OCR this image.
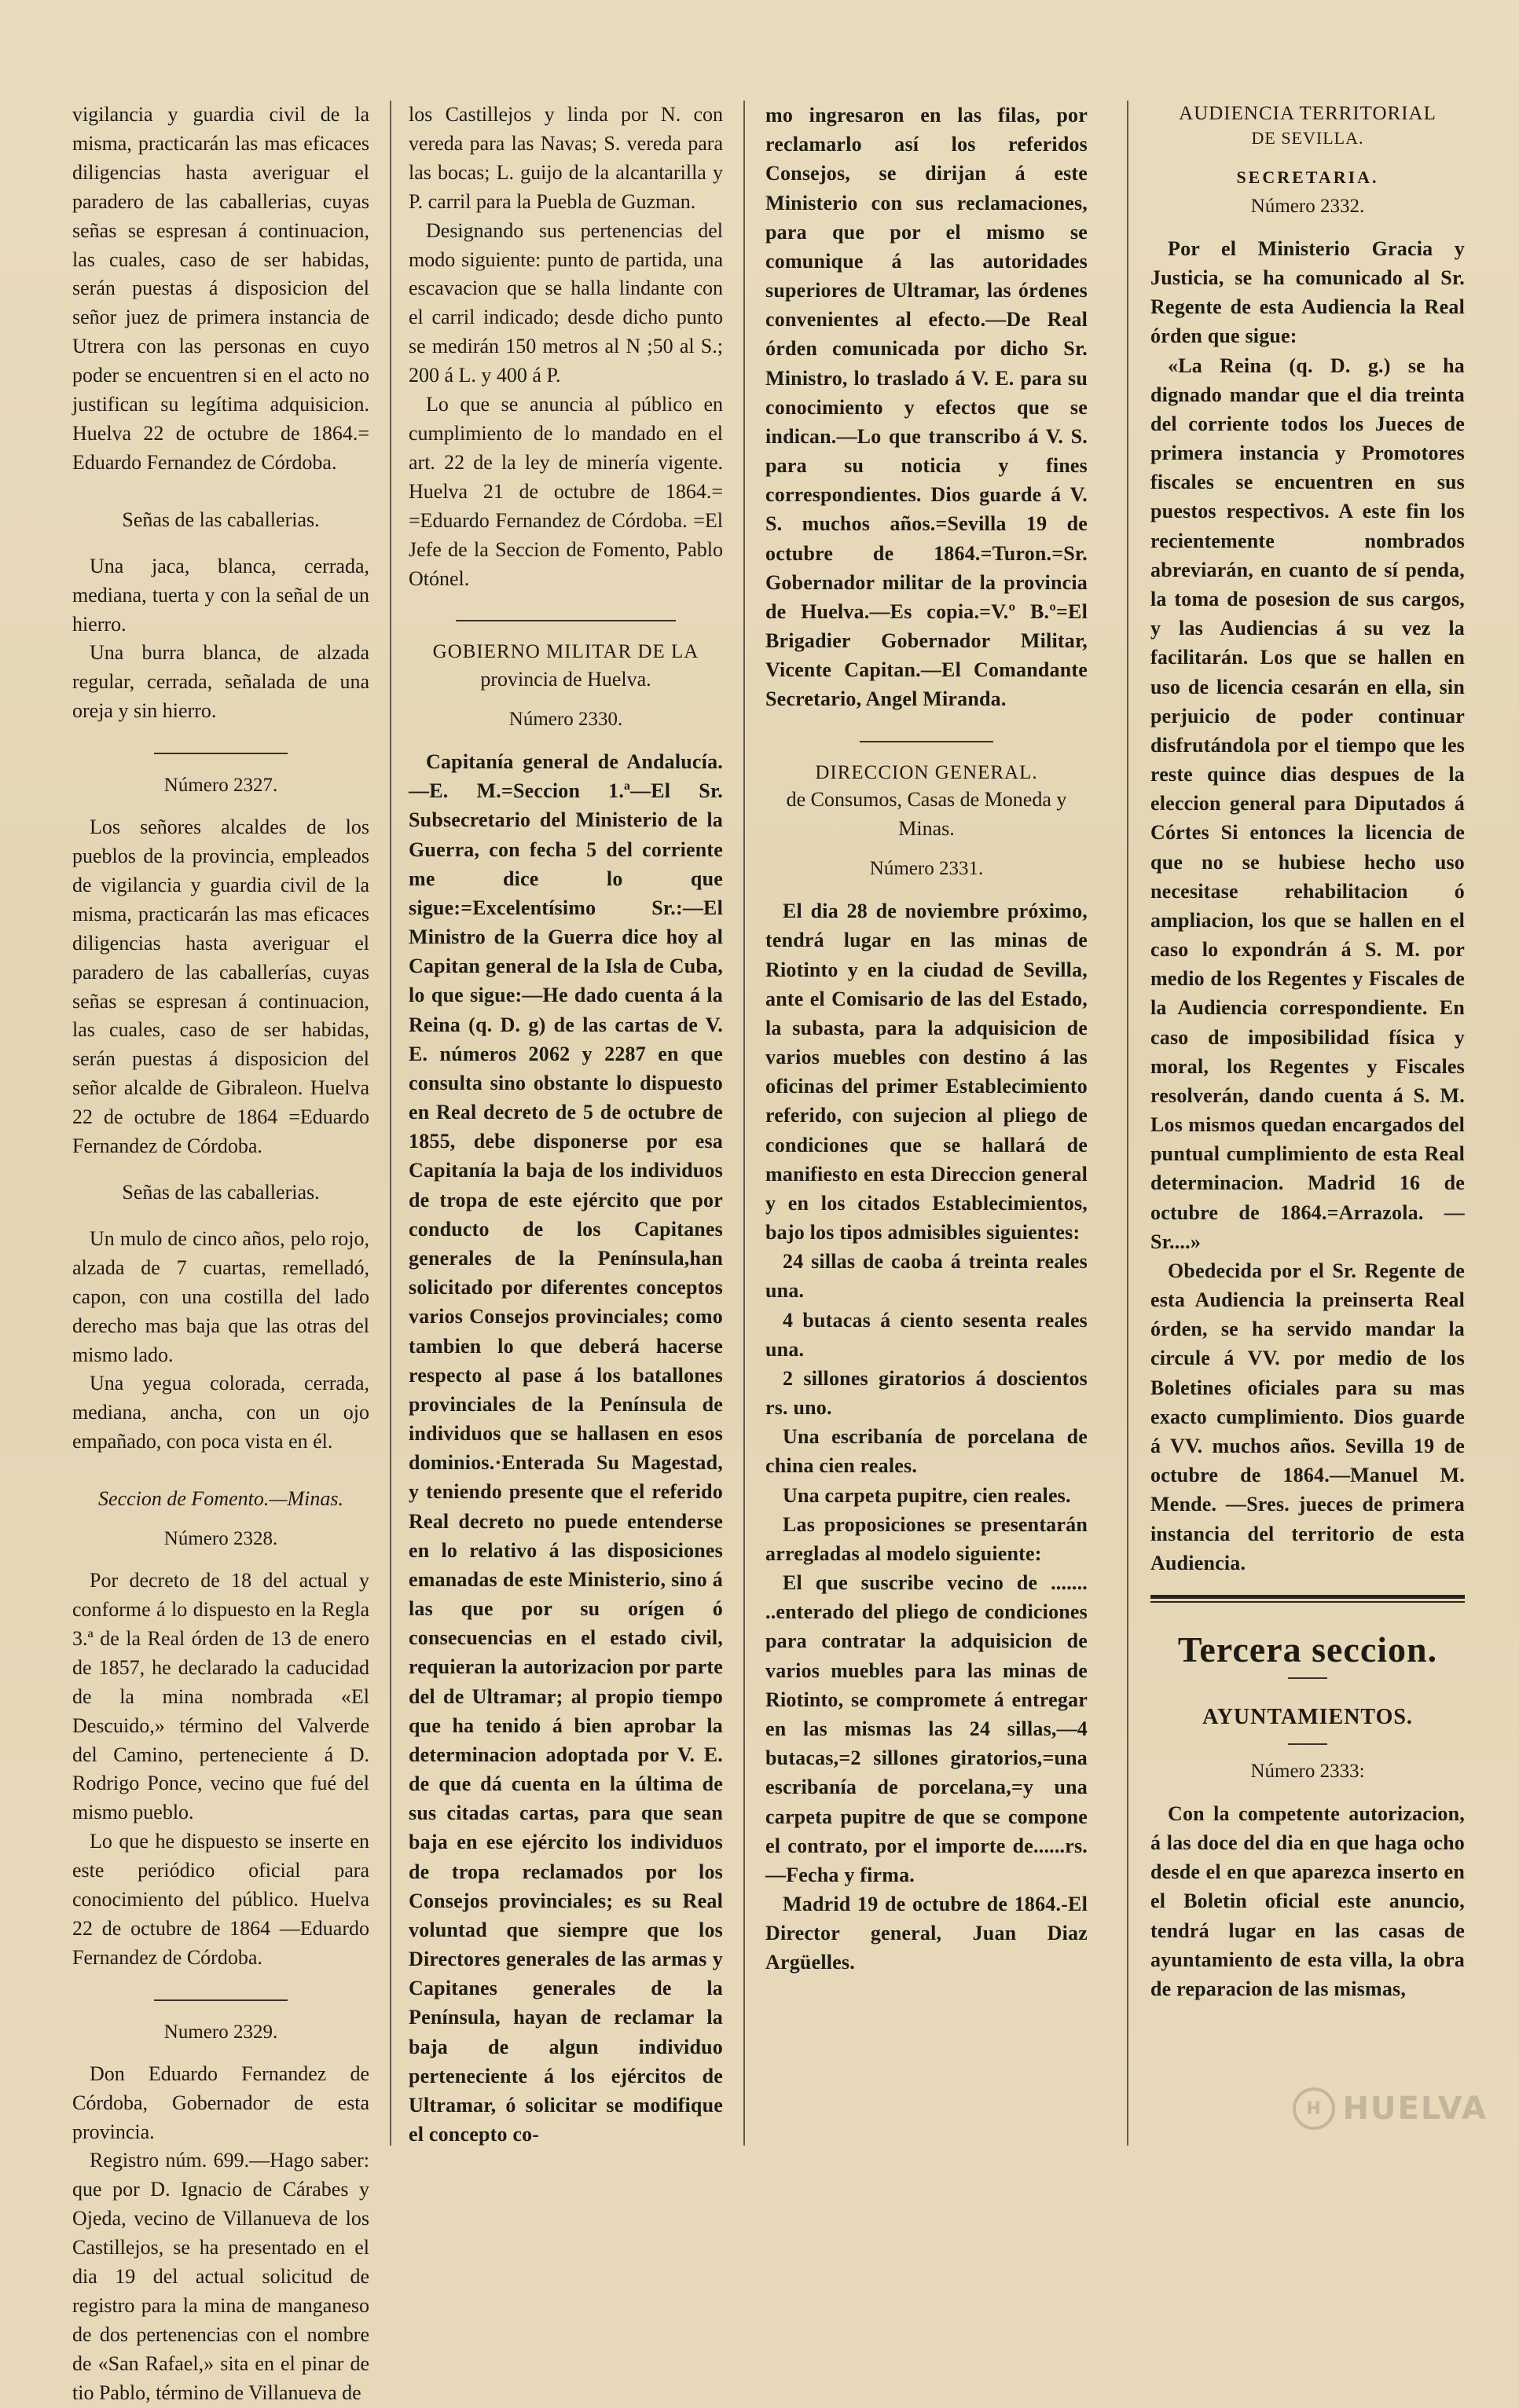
vigilancia y guardia civil de la misma, practicarán las mas eficaces diligencias hasta averiguar el paradero de las caballerias, cuyas señas se espresan á continuacion, las cuales, caso de ser habidas, serán puestas á disposicion del señor juez de primera instancia de Utrera con las personas en cuyo poder se encuentren si en el acto no justifican su legítima adquisicion. Huelva 22 de octubre de 1864.= Eduardo Fernandez de Córdoba.

Señas de las caballerias.

Una jaca, blanca, cerrada, mediana, tuerta y con la señal de un hierro.

Una burra blanca, de alzada regular, cerrada, señalada de una oreja y sin hierro.

Número 2327.

Los señores alcaldes de los pueblos de la provincia, empleados de vigilancia y guardia civil de la misma, practicarán las mas eficaces diligencias hasta averiguar el paradero de las caballerías, cuyas señas se espresan á continuacion, las cuales, caso de ser habidas, serán puestas á disposicion del señor alcalde de Gibraleon. Huelva 22 de octubre de 1864 =Eduardo Fernandez de Córdoba.

Señas de las caballerias.

Un mulo de cinco años, pelo rojo, alzada de 7 cuartas, remelladó, capon, con una costilla del lado derecho mas baja que las otras del mismo lado.

Una yegua colorada, cerrada, mediana, ancha, con un ojo empañado, con poca vista en él.

Seccion de Fomento.—Minas.

Número 2328.

Por decreto de 18 del actual y conforme á lo dispuesto en la Regla 3.ª de la Real órden de 13 de enero de 1857, he declarado la caducidad de la mina nombrada «El Descuido,» término del Valverde del Camino, perteneciente á D. Rodrigo Ponce, vecino que fué del mismo pueblo.

Lo que he dispuesto se inserte en este periódico oficial para conocimiento del público. Huelva 22 de octubre de 1864 —Eduardo Fernandez de Córdoba.

Numero 2329.

Don Eduardo Fernandez de Córdoba, Gobernador de esta provincia.

Registro núm. 699.—Hago saber: que por D. Ignacio de Cárabes y Ojeda, vecino de Villanueva de los Castillejos, se ha presentado en el dia 19 del actual solicitud de registro para la mina de manganeso de dos pertenencias con el nombre de «San Rafael,» sita en el pinar de tio Pablo, término de Villanueva de

los Castillejos y linda por N. con vereda para las Navas; S. vereda para las bocas; L. guijo de la alcantarilla y P. carril para la Puebla de Guzman.

Designando sus pertenencias del modo siguiente: punto de partida, una escavacion que se halla lindante con el carril indicado; desde dicho punto se medirán 150 metros al N ;50 al S.; 200 á L. y 400 á P.

Lo que se anuncia al público en cumplimiento de lo mandado en el art. 22 de la ley de minería vigente. Huelva 21 de octubre de 1864.= =Eduardo Fernandez de Córdoba. =El Jefe de la Seccion de Fomento, Pablo Otónel.

GOBIERNO MILITAR DE LA

provincia de Huelva.

Número 2330.

Capitanía general de Andalucía.—E. M.=Seccion 1.ª—El Sr. Subsecretario del Ministerio de la Guerra, con fecha 5 del corriente me dice lo que sigue:=Excelentísimo Sr.:—El Ministro de la Guerra dice hoy al Capitan general de la Isla de Cuba, lo que sigue:—He dado cuenta á la Reina (q. D. g) de las cartas de V. E. números 2062 y 2287 en que consulta sino obstante lo dispuesto en Real decreto de 5 de octubre de 1855, debe disponerse por esa Capitanía la baja de los individuos de tropa de este ejército que por conducto de los Capitanes generales de la Península,han solicitado por diferentes conceptos varios Consejos provinciales; como tambien lo que deberá hacerse respecto al pase á los batallones provinciales de la Península de individuos que se hallasen en esos dominios.·Enterada Su Magestad, y teniendo presente que el referido Real decreto no puede entenderse en lo relativo á las disposiciones emanadas de este Ministerio, sino á las que por su orígen ó consecuencias en el estado civil, requieran la autorizacion por parte del de Ultramar; al propio tiempo que ha tenido á bien aprobar la determinacion adoptada por V. E. de que dá cuenta en la última de sus citadas cartas, para que sean baja en ese ejército los individuos de tropa reclamados por los Consejos provinciales; es su Real voluntad que siempre que los Directores generales de las armas y Capitanes generales de la Península, hayan de reclamar la baja de algun individuo perteneciente á los ejércitos de Ultramar, ó solicitar se modifique el concepto co-

mo ingresaron en las filas, por reclamarlo así los referidos Consejos, se dirijan á este Ministerio con sus reclamaciones, para que por el mismo se comunique á las autoridades superiores de Ultramar, las órdenes convenientes al efecto.—De Real órden comunicada por dicho Sr. Ministro, lo traslado á V. E. para su conocimiento y efectos que se indican.—Lo que transcribo á V. S. para su noticia y fines correspondientes. Dios guarde á V. S. muchos años.=Sevilla 19 de octubre de 1864.=Turon.=Sr. Gobernador militar de la provincia de Huelva.—Es copia.=V.º B.º=El Brigadier Gobernador Militar, Vicente Capitan.—El Comandante Secretario, Angel Miranda.

DIRECCION GENERAL.

de Consumos, Casas de Moneda y Minas.

Número 2331.

El dia 28 de noviembre próximo, tendrá lugar en las minas de Riotinto y en la ciudad de Sevilla, ante el Comisario de las del Estado, la subasta, para la adquisicion de varios muebles con destino á las oficinas del primer Establecimiento referido, con sujecion al pliego de condiciones que se hallará de manifiesto en esta Direccion general y en los citados Establecimientos, bajo los tipos admisibles siguientes:

24 sillas de caoba á treinta reales una.

4 butacas á ciento sesenta reales una.

2 sillones giratorios á doscientos rs. uno.

Una escribanía de porcelana de china cien reales.

Una carpeta pupitre, cien reales.

Las proposiciones se presentarán arregladas al modelo siguiente:

El que suscribe vecino de ....... ..enterado del pliego de condiciones para contratar la adquisicion de varios muebles para las minas de Riotinto, se compromete á entregar en las mismas las 24 sillas,—4 butacas,=2 sillones giratorios,=una escribanía de porcelana,=y una carpeta pupitre de que se compone el contrato, por el importe de......rs.—Fecha y firma.

Madrid 19 de octubre de 1864.-El Director general, Juan Diaz Argüelles.

AUDIENCIA TERRITORIAL

DE SEVILLA.

SECRETARIA.

Número 2332.

Por el Ministerio Gracia y Justicia, se ha comunicado al Sr. Regente de esta Audiencia la Real órden que sigue:

«La Reina (q. D. g.) se ha dignado mandar que el dia treinta del corriente todos los Jueces de primera instancia y Promotores fiscales se encuentren en sus puestos respectivos. A este fin los recientemente nombrados abreviarán, en cuanto de sí penda, la toma de posesion de sus cargos, y las Audiencias á su vez la facilitarán. Los que se hallen en uso de licencia cesarán en ella, sin perjuicio de poder continuar disfrutándola por el tiempo que les reste quince dias despues de la eleccion general para Diputados á Córtes Si entonces la licencia de que no se hubiese hecho uso necesitase rehabilitacion ó ampliacion, los que se hallen en el caso lo expondrán á S. M. por medio de los Regentes y Fiscales de la Audiencia correspondiente. En caso de imposibilidad física y moral, los Regentes y Fiscales resolverán, dando cuenta á S. M. Los mismos quedan encargados del puntual cumplimiento de esta Real determinacion. Madrid 16 de octubre de 1864.=Arrazola. —Sr....»

Obedecida por el Sr. Regente de esta Audiencia la preinserta Real órden, se ha servido mandar la circule á VV. por medio de los Boletines oficiales para su mas exacto cumplimiento. Dios guarde á VV. muchos años. Sevilla 19 de octubre de 1864.—Manuel M. Mende. —Sres. jueces de primera instancia del territorio de esta Audiencia.

Tercera seccion.

AYUNTAMIENTOS.

Número 2333:

Con la competente autorizacion, á las doce del dia en que haga ocho desde el en que aparezca inserto en el Boletin oficial este anuncio, tendrá lugar en las casas de ayuntamiento de esta villa, la obra de reparacion de las mismas,

H HUELVA
